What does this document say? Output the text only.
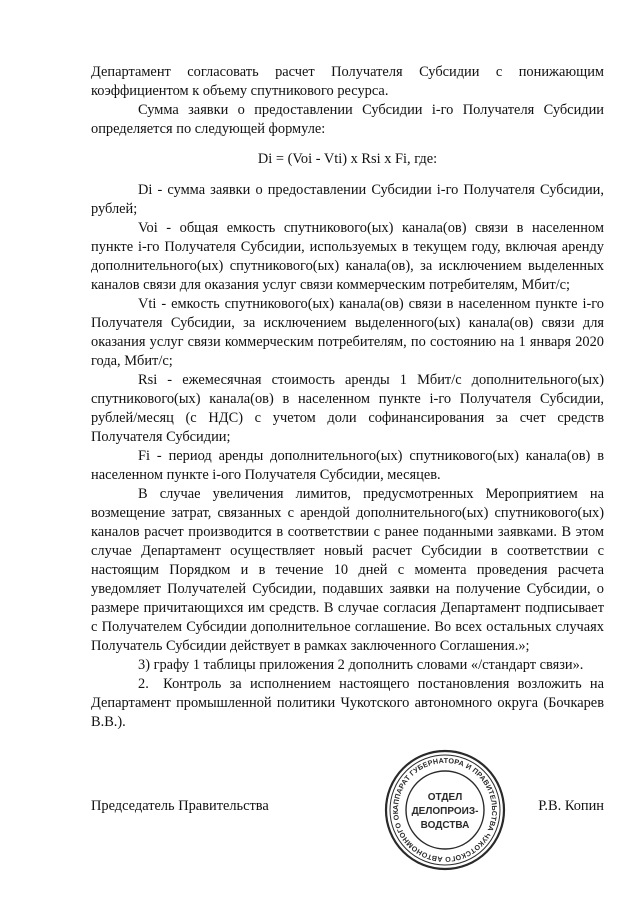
Департамент согласовать расчет Получателя Субсидии с понижающим коэффициентом к объему спутникового ресурса.

Сумма заявки о предоставлении Субсидии i-го Получателя Субсидии определяется по следующей формуле:

Di = (Voi - Vti) x Rsi x Fi, где:

Di - сумма заявки о предоставлении Субсидии i-го Получателя Субсидии, рублей;

Voi - общая емкость спутникового(ых) канала(ов) связи в населенном пункте i-го Получателя Субсидии, используемых в текущем году, включая аренду дополнительного(ых) спутникового(ых) канала(ов), за исключением выделенных каналов связи для оказания услуг связи коммерческим потребителям, Мбит/с;

Vti - емкость спутникового(ых) канала(ов) связи в населенном пункте i-го Получателя Субсидии, за исключением выделенного(ых) канала(ов) связи для оказания услуг связи коммерческим потребителям, по состоянию на 1 января 2020 года, Мбит/с;

Rsi - ежемесячная стоимость аренды 1 Мбит/с дополнительного(ых) спутникового(ых) канала(ов) в населенном пункте i-го Получателя Субсидии, рублей/месяц (с НДС) с учетом доли софинансирования за счет средств Получателя Субсидии;

Fi - период аренды дополнительного(ых) спутникового(ых) канала(ов) в населенном пункте i-ого Получателя Субсидии, месяцев.

В случае увеличения лимитов, предусмотренных Мероприятием на возмещение затрат, связанных с арендой дополнительного(ых) спутникового(ых) каналов расчет производится в соответствии с ранее поданными заявками. В этом случае Департамент осуществляет новый расчет Субсидии в соответствии с настоящим Порядком и в течение 10 дней с момента проведения расчета уведомляет Получателей Субсидии, подавших заявки на получение Субсидии, о размере причитающихся им средств. В случае согласия Департамент подписывает с Получателем Субсидии дополнительное соглашение. Во всех остальных случаях Получатель Субсидии действует в рамках заключенного Соглашения.»;

3) графу 1 таблицы приложения 2 дополнить словами «/стандарт связи».

2. Контроль за исполнением настоящего постановления возложить на Департамент промышленной политики Чукотского автономного округа (Бочкарев В.В.).

АППАРАТ ГУБЕРНАТОРА И ПРАВИТЕЛЬСТВА ЧУКОТСКОГО АВТОНОМНОГО ОК
ОТДЕЛ
ДЕЛОПРОИЗ-
ВОДСТВА
Председатель Правительства	Р.В. Копин
